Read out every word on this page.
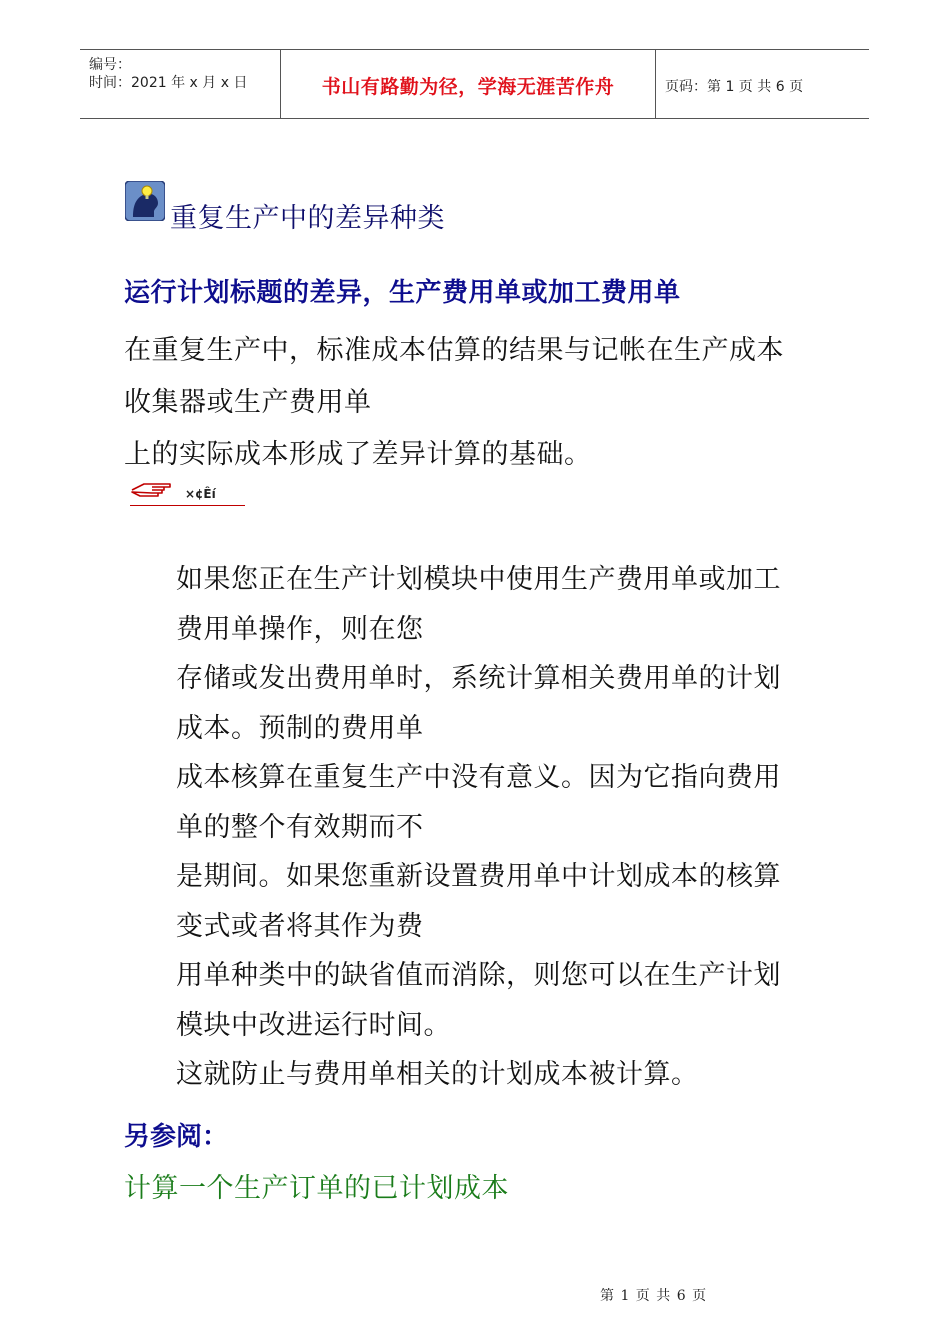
编号：
时间：2021 年 x 月 x 日	书山有路勤为径，学海无涯苦作舟	页码：第 1 页 共 6 页
重复生产中的差异种类
运行计划标题的差异，生产费用单或加工费用单
在重复生产中，标准成本估算的结果与记帐在生产成本
收集器或生产费用单
上的实际成本形成了差异计算的基础。
×¢Êí
如果您正在生产计划模块中使用生产费用单或加工
费用单操作，则在您
存储或发出费用单时，系统计算相关费用单的计划
成本。预制的费用单
成本核算在重复生产中没有意义。因为它指向费用
单的整个有效期而不
是期间。如果您重新设置费用单中计划成本的核算
变式或者将其作为费
用单种类中的缺省值而消除，则您可以在生产计划
模块中改进运行时间。
这就防止与费用单相关的计划成本被计算。
另参阅：
计算一个生产订单的已计划成本
第 1 页 共 6 页
